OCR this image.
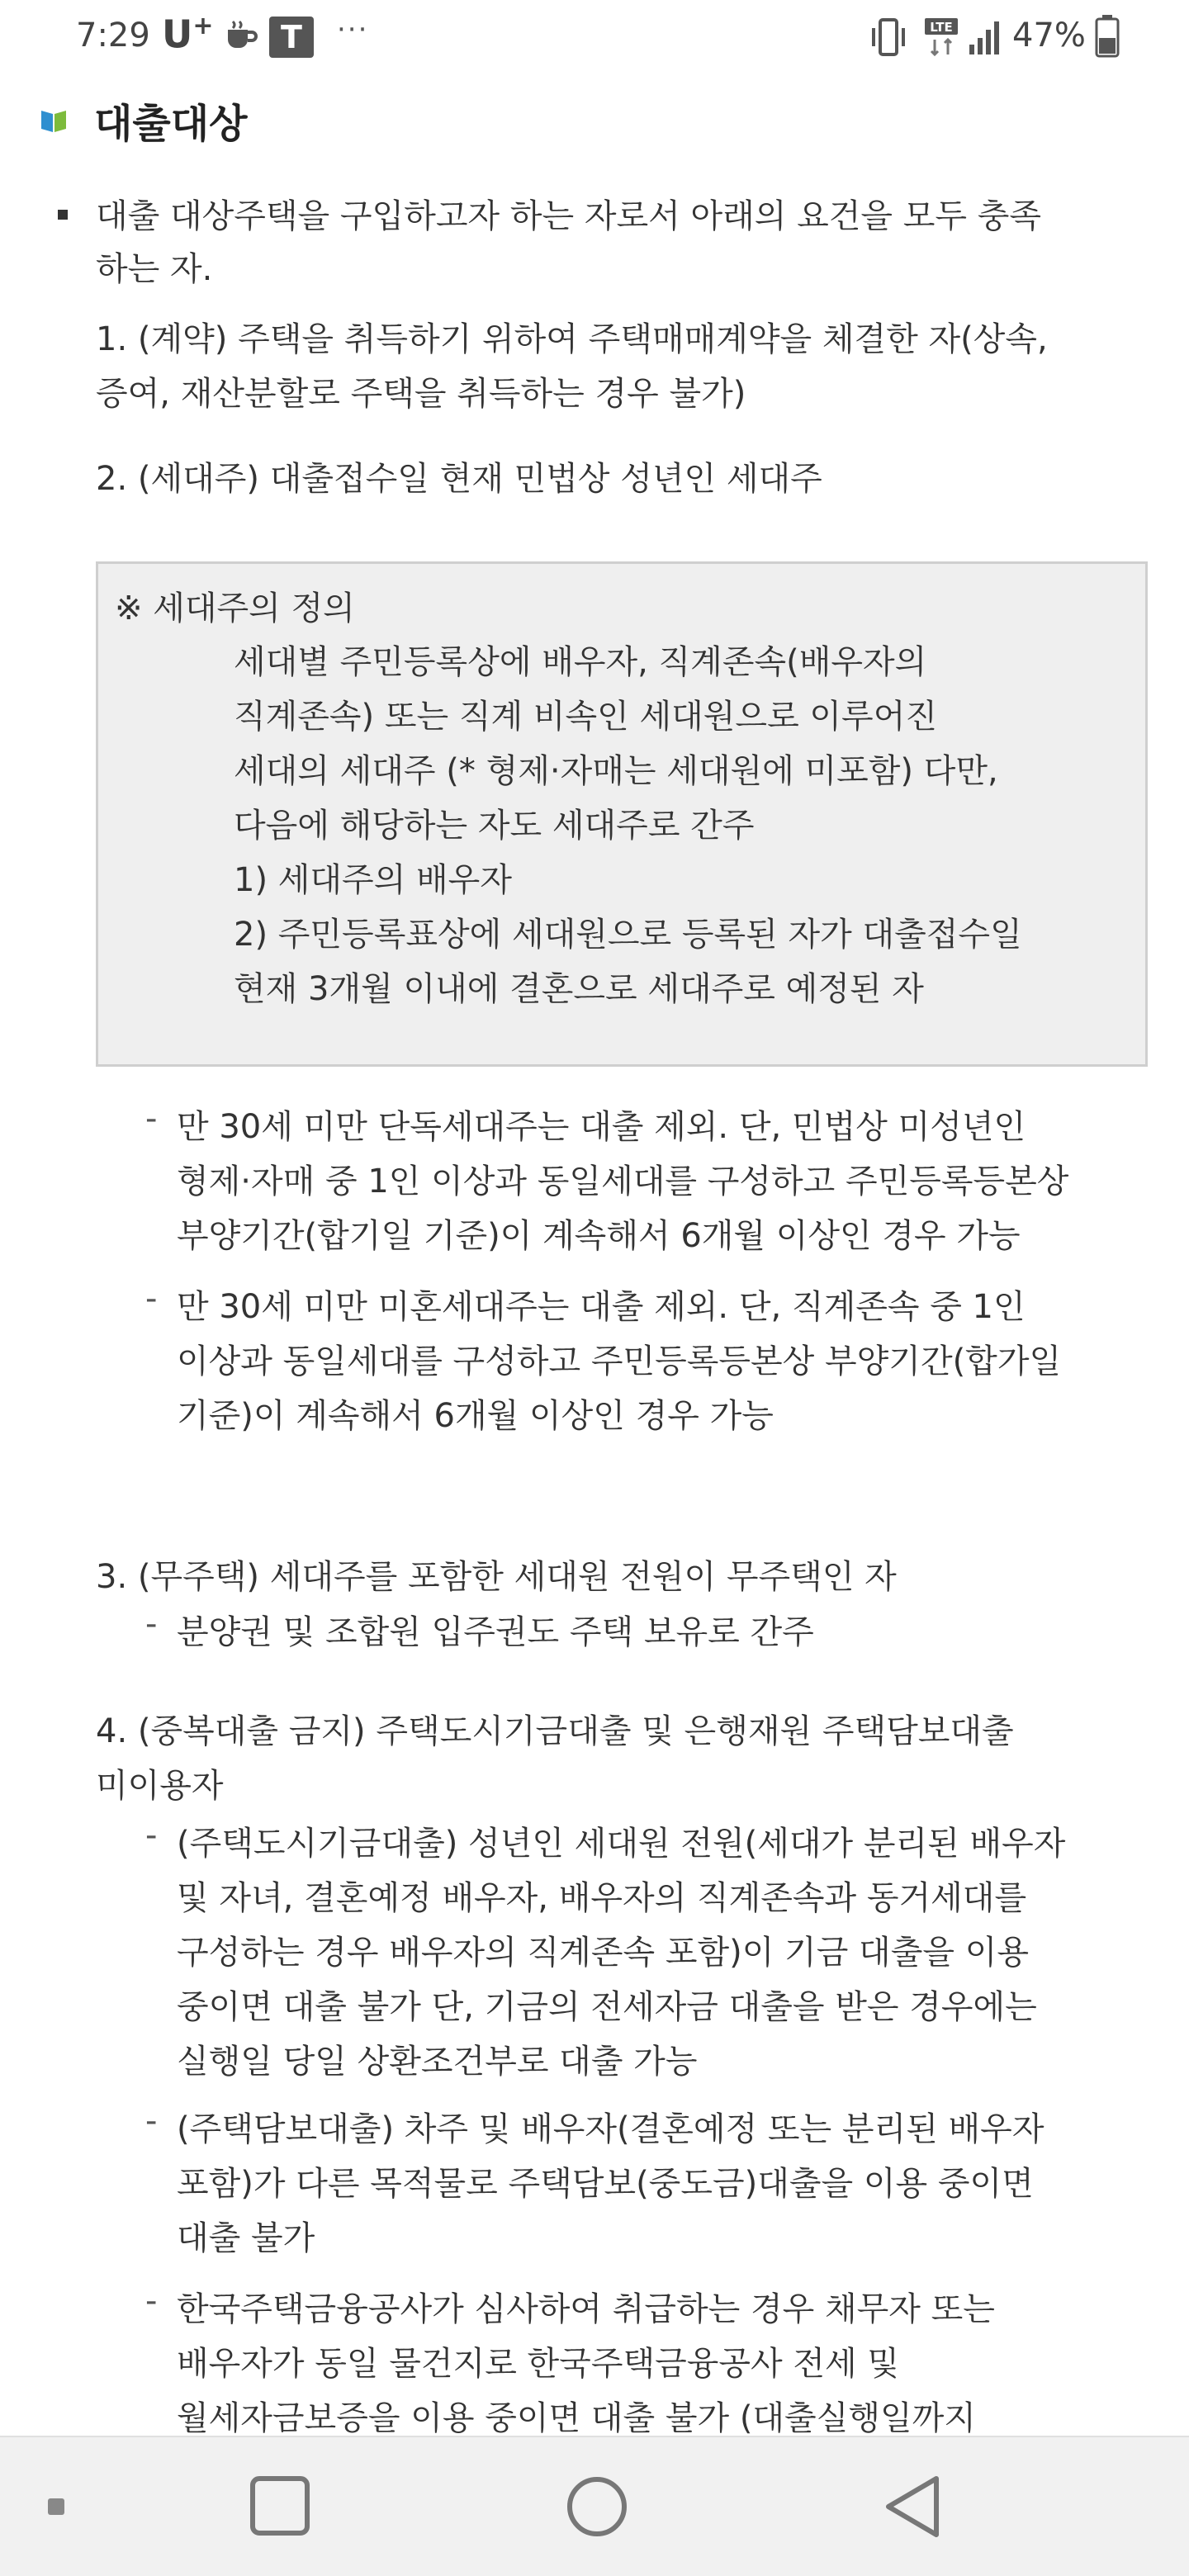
7:29 U+	T	···	LTE 47%
대출대상
대출 대상주택을 구입하고자 하는 자로서 아래의 요건을 모두 충족
하는 자.
1. (계약) 주택을 취득하기 위하여 주택매매계약을 체결한 자(상속,
증여, 재산분할로 주택을 취득하는 경우 불가)
2. (세대주) 대출접수일 현재 민법상 성년인 세대주
※ 세대주의 정의
세대별 주민등록상에 배우자, 직계존속(배우자의
직계존속) 또는 직계 비속인 세대원으로 이루어진
세대의 세대주 (* 형제·자매는 세대원에 미포함) 다만,
다음에 해당하는 자도 세대주로 간주
1) 세대주의 배우자
2) 주민등록표상에 세대원으로 등록된 자가 대출접수일
현재 3개월 이내에 결혼으로 세대주로 예정된 자
- 만 30세 미만 단독세대주는 대출 제외. 단, 민법상 미성년인
형제·자매 중 1인 이상과 동일세대를 구성하고 주민등록등본상
부양기간(합기일 기준)이 계속해서 6개월 이상인 경우 가능
- 만 30세 미만 미혼세대주는 대출 제외. 단, 직계존속 중 1인
이상과 동일세대를 구성하고 주민등록등본상 부양기간(합가일
기준)이 계속해서 6개월 이상인 경우 가능
3. (무주택) 세대주를 포함한 세대원 전원이 무주택인 자
- 분양권 및 조합원 입주권도 주택 보유로 간주
4. (중복대출 금지) 주택도시기금대출 및 은행재원 주택담보대출
미이용자
- (주택도시기금대출) 성년인 세대원 전원(세대가 분리된 배우자
및 자녀, 결혼예정 배우자, 배우자의 직계존속과 동거세대를
구성하는 경우 배우자의 직계존속 포함)이 기금 대출을 이용
중이면 대출 불가 단, 기금의 전세자금 대출을 받은 경우에는
실행일 당일 상환조건부로 대출 가능
- (주택담보대출) 차주 및 배우자(결혼예정 또는 분리된 배우자
포함)가 다른 목적물로 주택담보(중도금)대출을 이용 중이면
대출 불가
- 한국주택금융공사가 심사하여 취급하는 경우 채무자 또는
배우자가 동일 물건지로 한국주택금융공사 전세 및
월세자금보증을 이용 중이면 대출 불가 (대출실행일까지
